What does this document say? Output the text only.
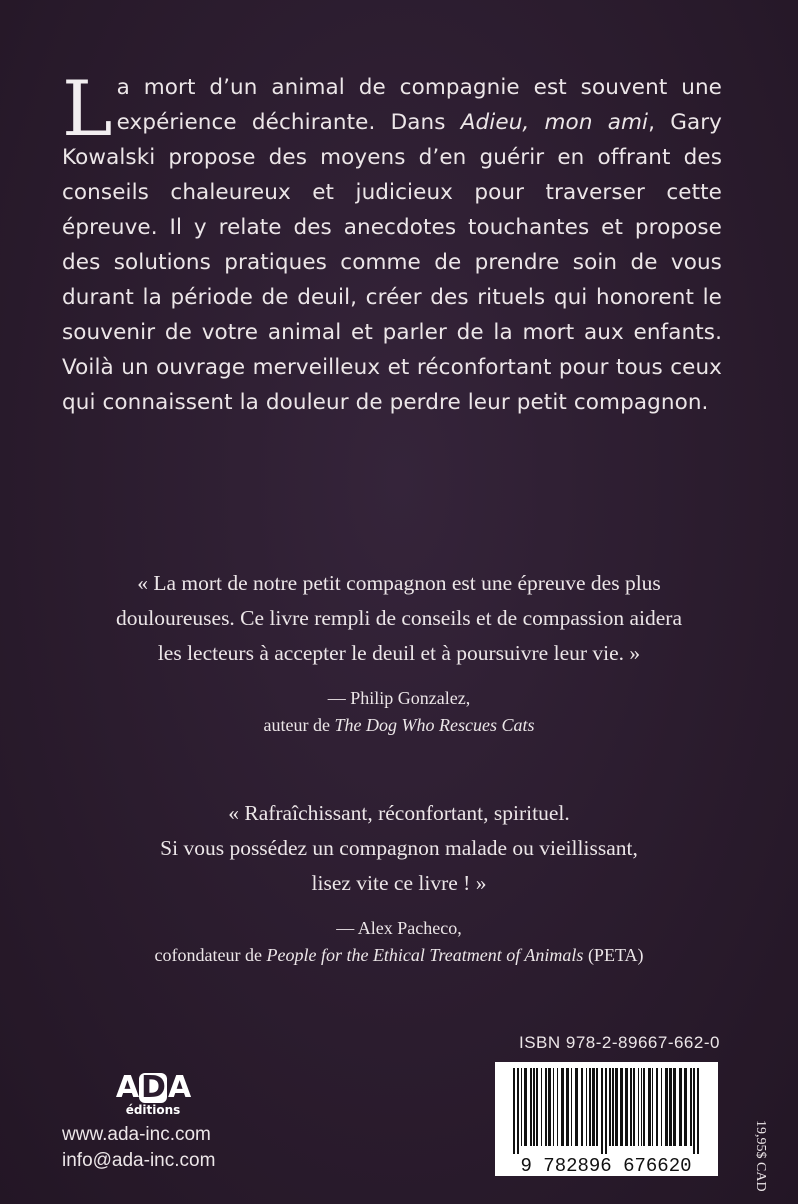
La mort d’un animal de compagnie est souvent une expérience déchirante. Dans Adieu, mon ami, Gary Kowalski propose des moyens d’en guérir en offrant des conseils chaleureux et judicieux pour traverser cette épreuve. Il y relate des anecdotes touchantes et propose des solutions pratiques comme de prendre soin de vous durant la période de deuil, créer des rituels qui honorent le souvenir de votre animal et parler de la mort aux enfants. Voilà un ouvrage merveilleux et réconfortant pour tous ceux qui connaissent la douleur de perdre leur petit compagnon.
« La mort de notre petit compagnon est une épreuve des plus
douloureuses. Ce livre rempli de conseils et de compassion aidera
les lecteurs à accepter le deuil et à poursuivre leur vie. »
— Philip Gonzalez,
auteur de The Dog Who Rescues Cats
« Rafraîchissant, réconfortant, spirituel.
Si vous possédez un compagnon malade ou vieillissant,
lisez vite ce livre ! »
— Alex Pacheco,
cofondateur de People for the Ethical Treatment of Animals (PETA)
A D A
éditions
www.ada-inc.com
info@ada-inc.com
ISBN 978-2-89667-662-0
9 782896 676620	19,95$ CAD
